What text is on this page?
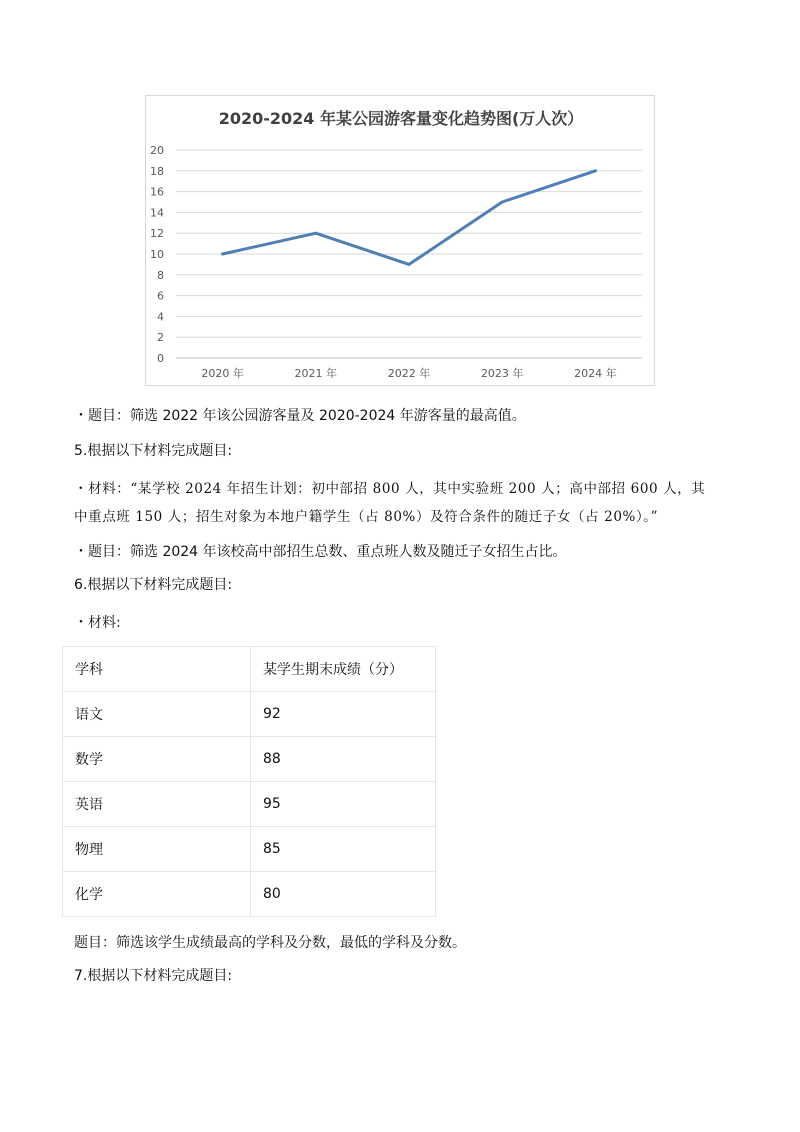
2020-2024 年某公园游客量变化趋势图(万人次）
0
2
4
6
8
10
12
14
16
18
20
2020 年	2021 年	2022 年	2023 年	2024 年
・题目：筛选 2022 年该公园游客量及 2020-2024 年游客量的最高值。
5.根据以下材料完成题目:
・材料：“某学校 2024 年招生计划：初中部招 800 人，其中实验班 200 人；高中部招 600 人，其
中重点班 150 人；招生对象为本地户籍学生（占 80%）及符合条件的随迁子女（占 20%）。”
・题目：筛选 2024 年该校高中部招生总数、重点班人数及随迁子女招生占比。
6.根据以下材料完成题目:
・材料:
学科	某学生期末成绩（分）
语文	92
数学	88
英语	95
物理	85
化学	80
题目：筛选该学生成绩最高的学科及分数，最低的学科及分数。
7.根据以下材料完成题目:
